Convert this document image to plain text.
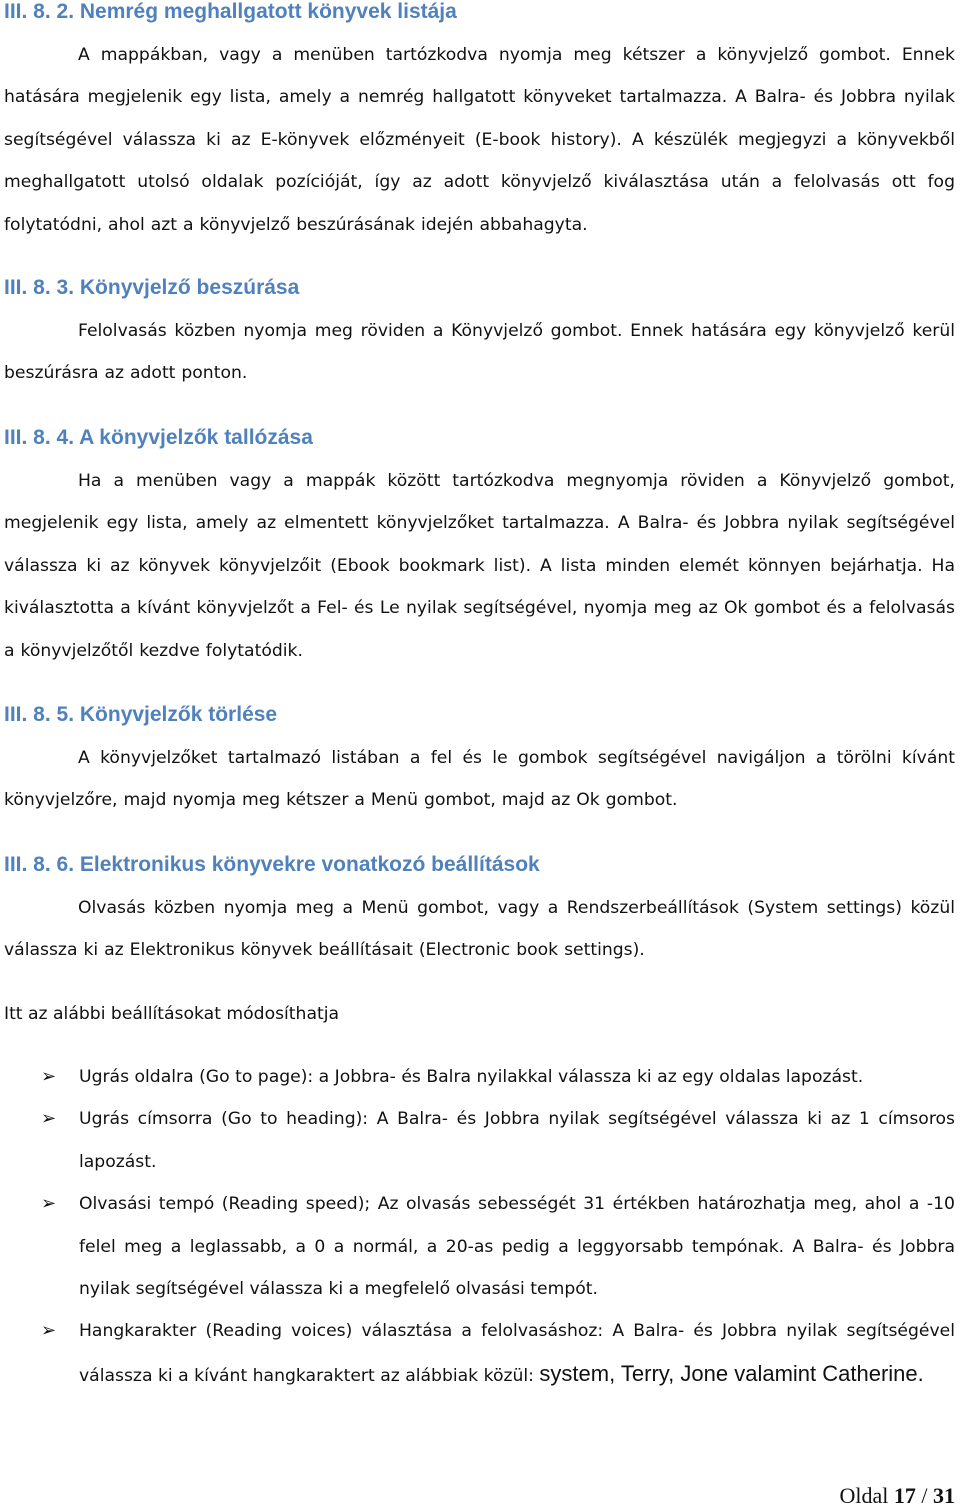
III. 8. 2. Nemrég meghallgatott könyvek listája

A mappákban, vagy a menüben tartózkodva nyomja meg kétszer a könyvjelző gombot. Ennek hatására megjelenik egy lista, amely a nemrég hallgatott könyveket tartalmazza. A Balra- és Jobbra nyilak segítségével válassza ki az E-könyvek előzményeit (E-book history). A készülék megjegyzi a könyvekből meghallgatott utolsó oldalak pozícióját, így az adott könyvjelző kiválasztása után a felolvasás ott fog folytatódni, ahol azt a könyvjelző beszúrásának idején abbahagyta.

III. 8. 3. Könyvjelző beszúrása

Felolvasás közben nyomja meg röviden a Könyvjelző gombot. Ennek hatására egy könyvjelző kerül beszúrásra az adott ponton.

III. 8. 4. A könyvjelzők tallózása

Ha a menüben vagy a mappák között tartózkodva megnyomja röviden a Könyvjelző gombot, megjelenik egy lista, amely az elmentett könyvjelzőket tartalmazza. A Balra- és Jobbra nyilak segítségével válassza ki az könyvek könyvjelzőit (Ebook bookmark list). A lista minden elemét könnyen bejárhatja. Ha kiválasztotta a kívánt könyvjelzőt a Fel- és Le nyilak segítségével, nyomja meg az Ok gombot és a felolvasás a könyvjelzőtől kezdve folytatódik.

III. 8. 5. Könyvjelzők törlése

A könyvjelzőket tartalmazó listában a fel és le gombok segítségével navigáljon a törölni kívánt könyvjelzőre, majd nyomja meg kétszer a Menü gombot, majd az Ok gombot.

III. 8. 6. Elektronikus könyvekre vonatkozó beállítások

Olvasás közben nyomja meg a Menü gombot, vagy a Rendszerbeállítások (System settings) közül válassza ki az Elektronikus könyvek beállításait (Electronic book settings).

Itt az alábbi beállításokat módosíthatja

➢ Ugrás oldalra (Go to page): a Jobbra- és Balra nyilakkal válassza ki az egy oldalas lapozást.
➢ Ugrás címsorra (Go to heading): A Balra- és Jobbra nyilak segítségével válassza ki az 1 címsoros lapozást.
➢ Olvasási tempó (Reading speed); Az olvasás sebességét 31 értékben határozhatja meg, ahol a -10 felel meg a leglassabb, a 0 a normál, a 20-as pedig a leggyorsabb tempónak. A Balra- és Jobbra nyilak segítségével válassza ki a megfelelő olvasási tempót.
➢ Hangkarakter (Reading voices) választása a felolvasáshoz: A Balra- és Jobbra nyilak segítségével válassza ki a kívánt hangkaraktert az alábbiak közül: system, Terry, Jone valamint Catherine.

Oldal 17 / 31
